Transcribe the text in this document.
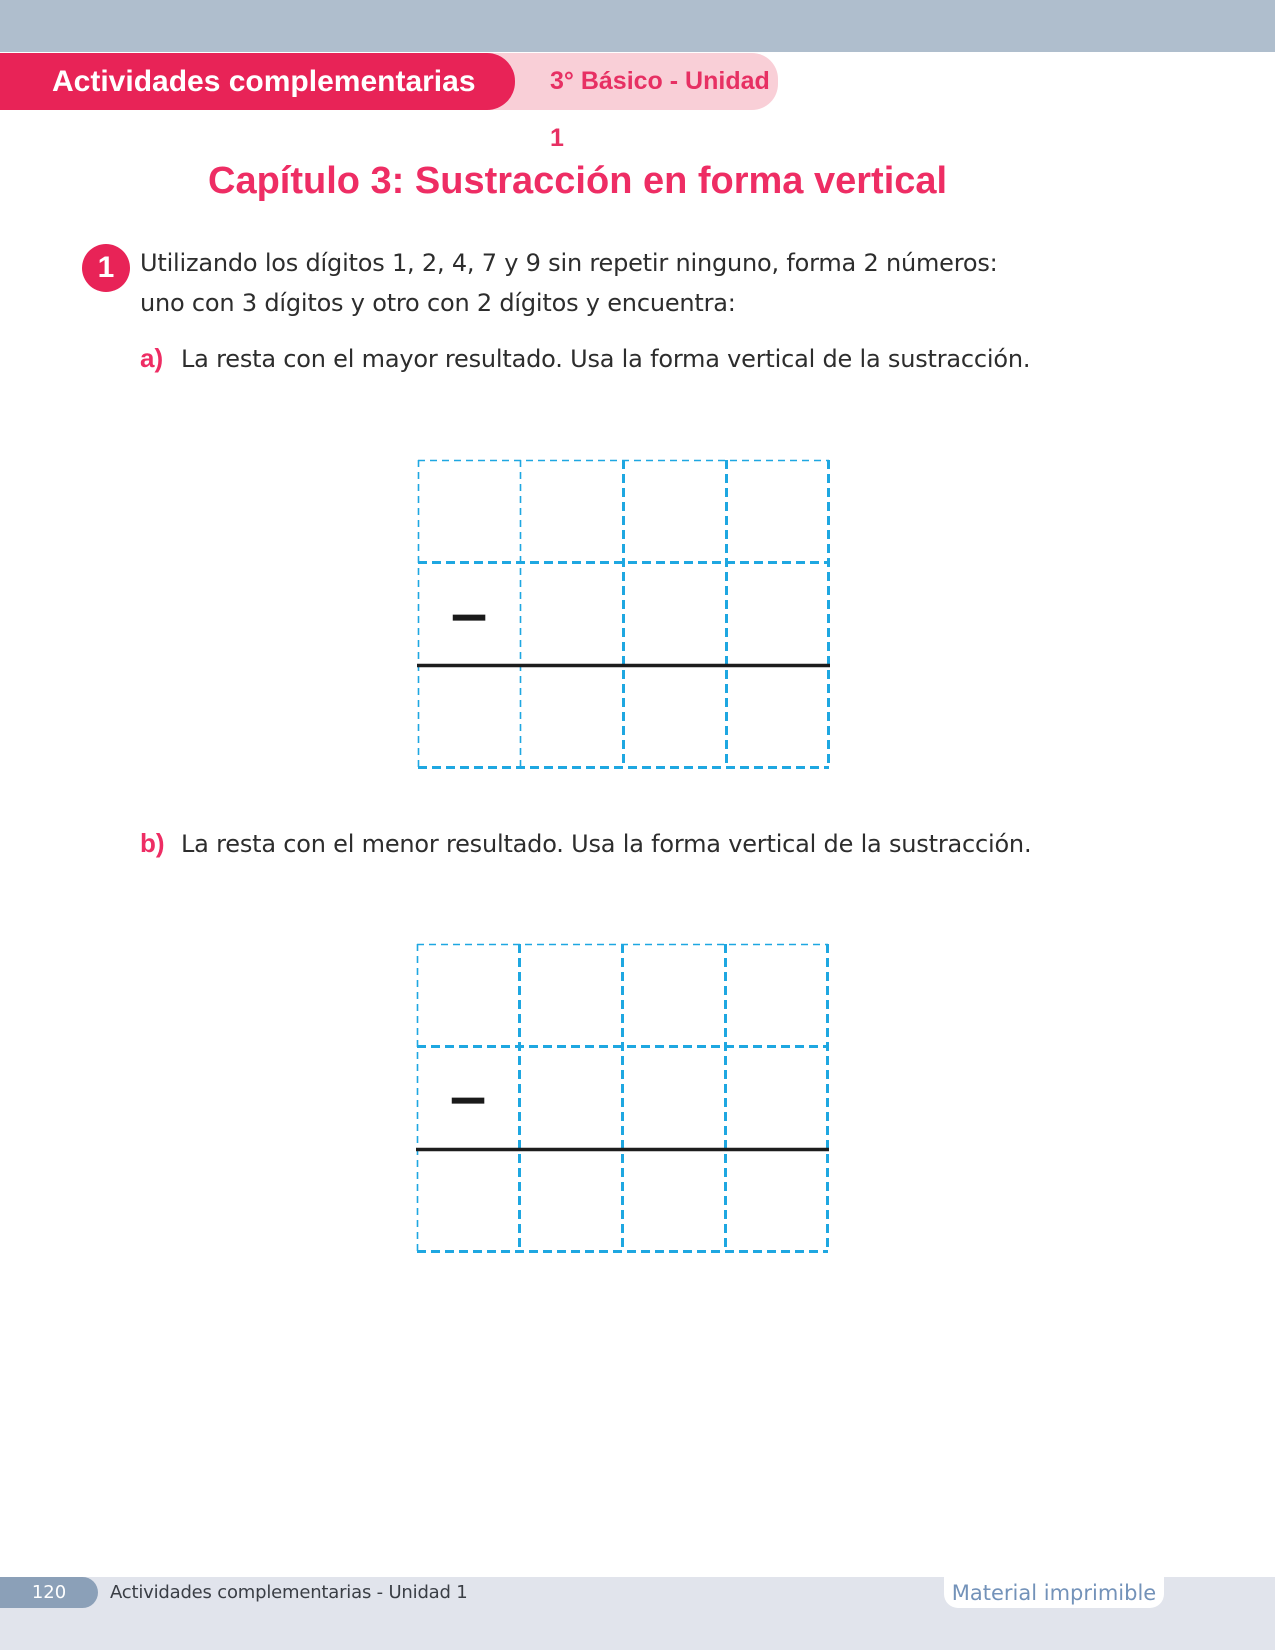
3° Básico - Unidad 1
Actividades complementarias
Capítulo 3: Sustracción en forma vertical
1	Utilizando los dígitos 1, 2, 4, 7 y 9 sin repetir ninguno, forma 2 números:
uno con 3 dígitos y otro con 2 dígitos y encuentra:
a) La resta con el mayor resultado. Usa la forma vertical de la sustracción.
−
b) La resta con el menor resultado. Usa la forma vertical de la sustracción.
−
120	Actividades complementarias - Unidad 1	Material imprimible
